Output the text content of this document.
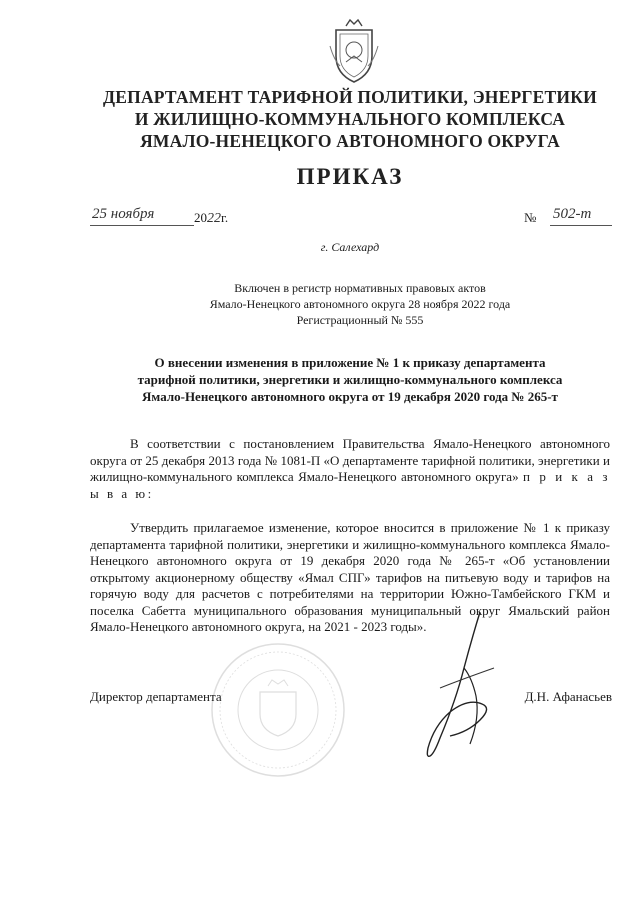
ДЕПАРТАМЕНТ ТАРИФНОЙ ПОЛИТИКИ, ЭНЕРГЕТИКИ
И ЖИЛИЩНО-КОММУНАЛЬНОГО КОМПЛЕКСА
ЯМАЛО-НЕНЕЦКОГО АВТОНОМНОГО ОКРУГА
ПРИКАЗ
25 ноября	2022г.	№ 502-т
г. Салехард
Включен в регистр нормативных правовых актов
Ямало-Ненецкого автономного округа 28 ноября 2022 года
Регистрационный № 555
О внесении изменения в приложение № 1 к приказу департамента
тарифной политики, энергетики и жилищно-коммунального комплекса
Ямало-Ненецкого автономного округа от 19 декабря 2020 года № 265-т
В соответствии с постановлением Правительства Ямало-Ненецкого автономного округа от 25 декабря 2013 года № 1081-П «О департаменте тарифной политики, энергетики и жилищно-коммунального комплекса Ямало-Ненецкого автономного округа» п р и к а з ы в а ю:
Утвердить прилагаемое изменение, которое вносится в приложение № 1 к приказу департамента тарифной политики, энергетики и жилищно-коммунального комплекса Ямало-Ненецкого автономного округа от 19 декабря 2020 года № 265-т «Об установлении открытому акционерному обществу «Ямал СПГ» тарифов на питьевую воду и тарифов на горячую воду для расчетов с потребителями на территории Южно-Тамбейского ГКМ и поселка Сабетта муниципального образования муниципальный округ Ямальский район Ямало-Ненецкого автономного округа, на 2021 - 2023 годы».
Директор департамента	Д.Н. Афанасьев
